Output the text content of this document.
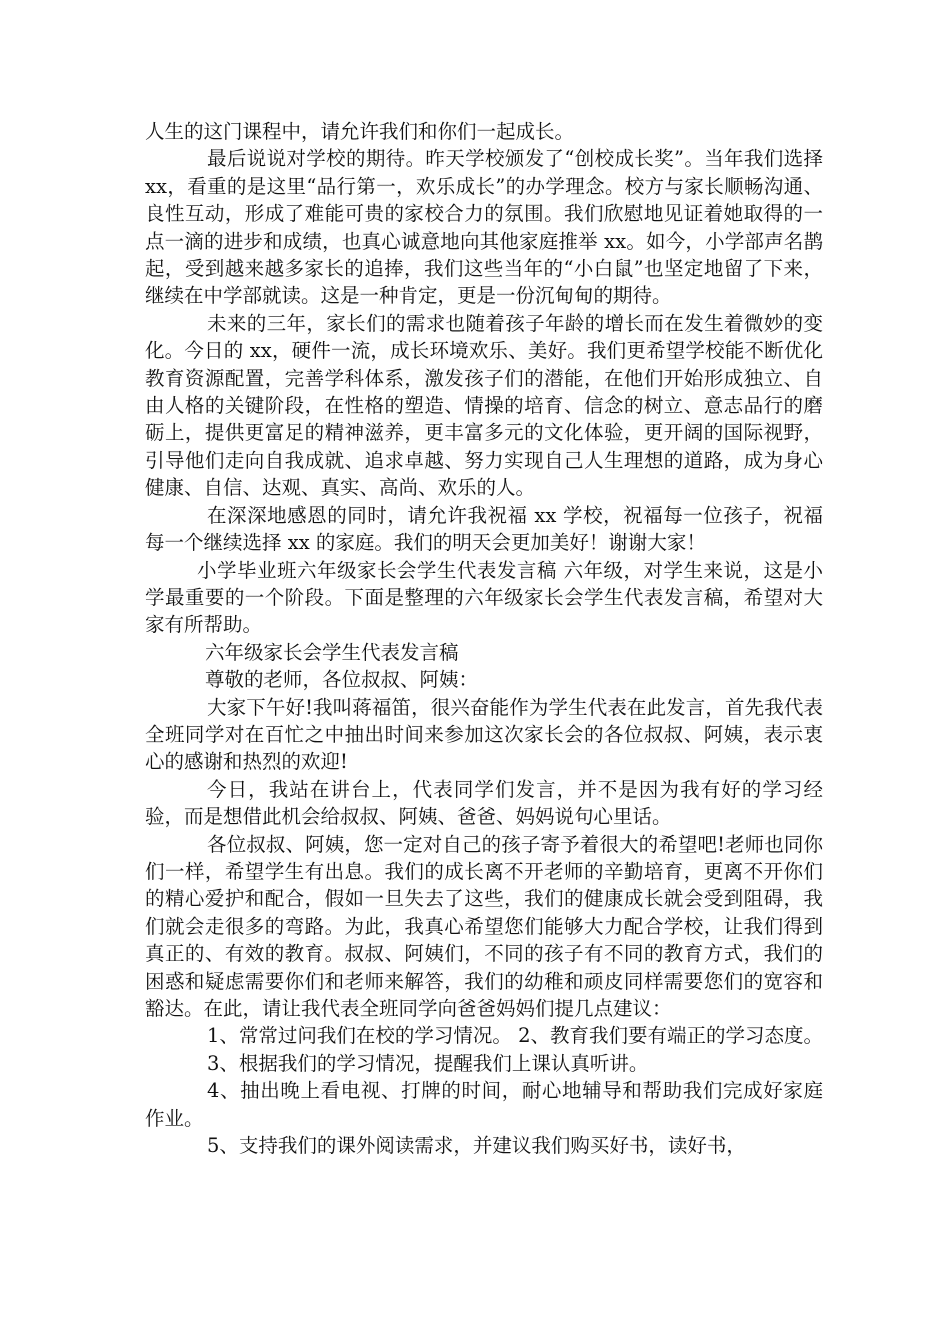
人生的这门课程中，请允许我们和你们一起成长。

最后说说对学校的期待。昨天学校颁发了“创校成长奖”。当年我们选择 xx，看重的是这里“品行第一，欢乐成长”的办学理念。校方与家长顺畅沟通、良性互动，形成了难能可贵的家校合力的氛围。我们欣慰地见证着她取得的一点一滴的进步和成绩，也真心诚意地向其他家庭推举 xx。如今，小学部声名鹊起，受到越来越多家长的追捧，我们这些当年的“小白鼠”也坚定地留了下来，继续在中学部就读。这是一种肯定，更是一份沉甸甸的期待。

未来的三年，家长们的需求也随着孩子年龄的增长而在发生着微妙的变化。今日的 xx，硬件一流，成长环境欢乐、美好。我们更希望学校能不断优化教育资源配置，完善学科体系，激发孩子们的潜能，在他们开始形成独立、自由人格的关键阶段，在性格的塑造、情操的培育、信念的树立、意志品行的磨砺上，提供更富足的精神滋养，更丰富多元的文化体验，更开阔的国际视野，引导他们走向自我成就、追求卓越、努力实现自己人生理想的道路，成为身心健康、自信、达观、真实、高尚、欢乐的人。

在深深地感恩的同时，请允许我祝福 xx 学校，祝福每一位孩子，祝福每一个继续选择 xx 的家庭。我们的明天会更加美好！谢谢大家！

小学毕业班六年级家长会学生代表发言稿 六年级，对学生来说，这是小学最重要的一个阶段。下面是整理的六年级家长会学生代表发言稿，希望对大家有所帮助。

六年级家长会学生代表发言稿

尊敬的老师，各位叔叔、阿姨：

大家下午好!我叫蒋福笛，很兴奋能作为学生代表在此发言，首先我代表全班同学对在百忙之中抽出时间来参加这次家长会的各位叔叔、阿姨，表示衷心的感谢和热烈的欢迎!

今日，我站在讲台上，代表同学们发言，并不是因为我有好的学习经验，而是想借此机会给叔叔、阿姨、爸爸、妈妈说句心里话。

各位叔叔、阿姨，您一定对自己的孩子寄予着很大的希望吧!老师也同你们一样，希望学生有出息。我们的成长离不开老师的辛勤培育，更离不开你们的精心爱护和配合，假如一旦失去了这些，我们的健康成长就会受到阻碍，我们就会走很多的弯路。为此，我真心希望您们能够大力配合学校，让我们得到真正的、有效的教育。叔叔、阿姨们，不同的孩子有不同的教育方式，我们的困惑和疑虑需要你们和老师来解答，我们的幼稚和顽皮同样需要您们的宽容和豁达。在此，请让我代表全班同学向爸爸妈妈们提几点建议：

1、常常过问我们在校的学习情况。 2、教育我们要有端正的学习态度。

3、根据我们的学习情况，提醒我们上课认真听讲。

4、抽出晚上看电视、打牌的时间，耐心地辅导和帮助我们完成好家庭作业。

5、支持我们的课外阅读需求，并建议我们购买好书，读好书，
